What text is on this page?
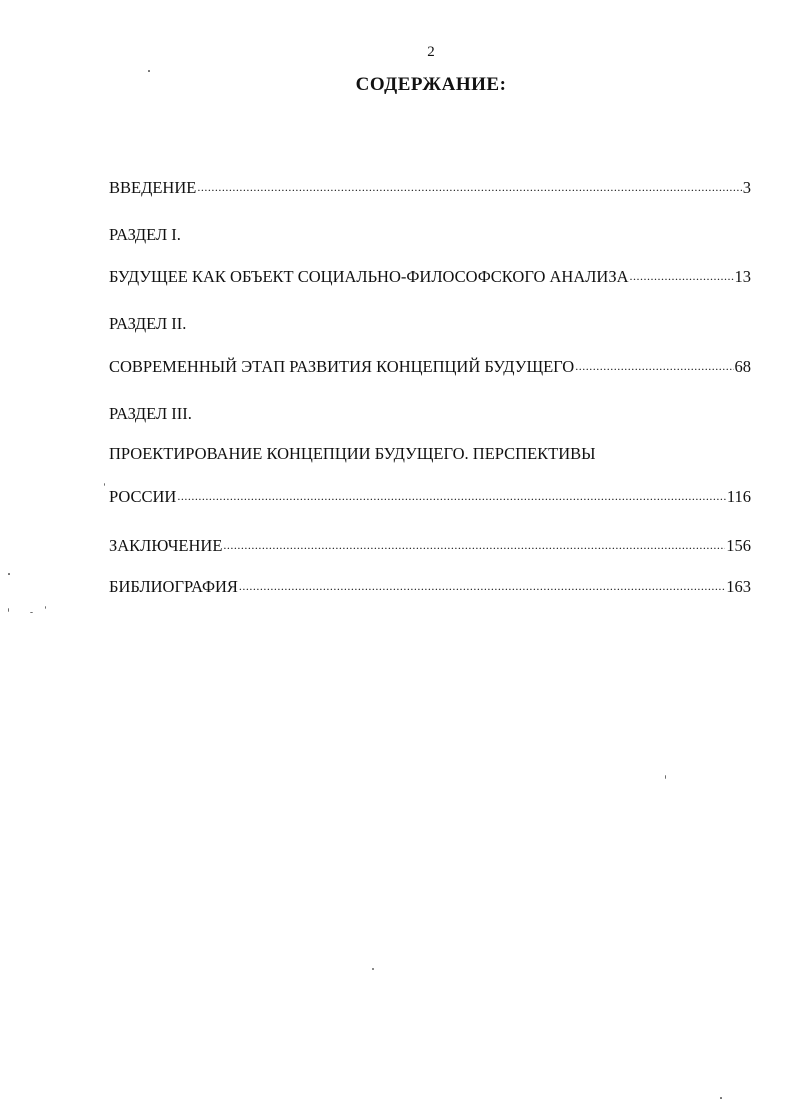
2
СОДЕРЖАНИЕ:
ВВЕДЕНИЕ .....	3
РАЗДЕЛ I.
БУДУЩЕЕ КАК ОБЪЕКТ СОЦИАЛЬНО-ФИЛОСОФСКОГО АНАЛИЗА .....	13
РАЗДЕЛ II.
СОВРЕМЕННЫЙ ЭТАП РАЗВИТИЯ КОНЦЕПЦИЙ БУДУЩЕГО .....	68
РАЗДЕЛ III.
ПРОЕКТИРОВАНИЕ КОНЦЕПЦИИ БУДУЩЕГО. ПЕРСПЕКТИВЫ
РОССИИ .....	116
ЗАКЛЮЧЕНИЕ .....	156
БИБЛИОГРАФИЯ .....	163
